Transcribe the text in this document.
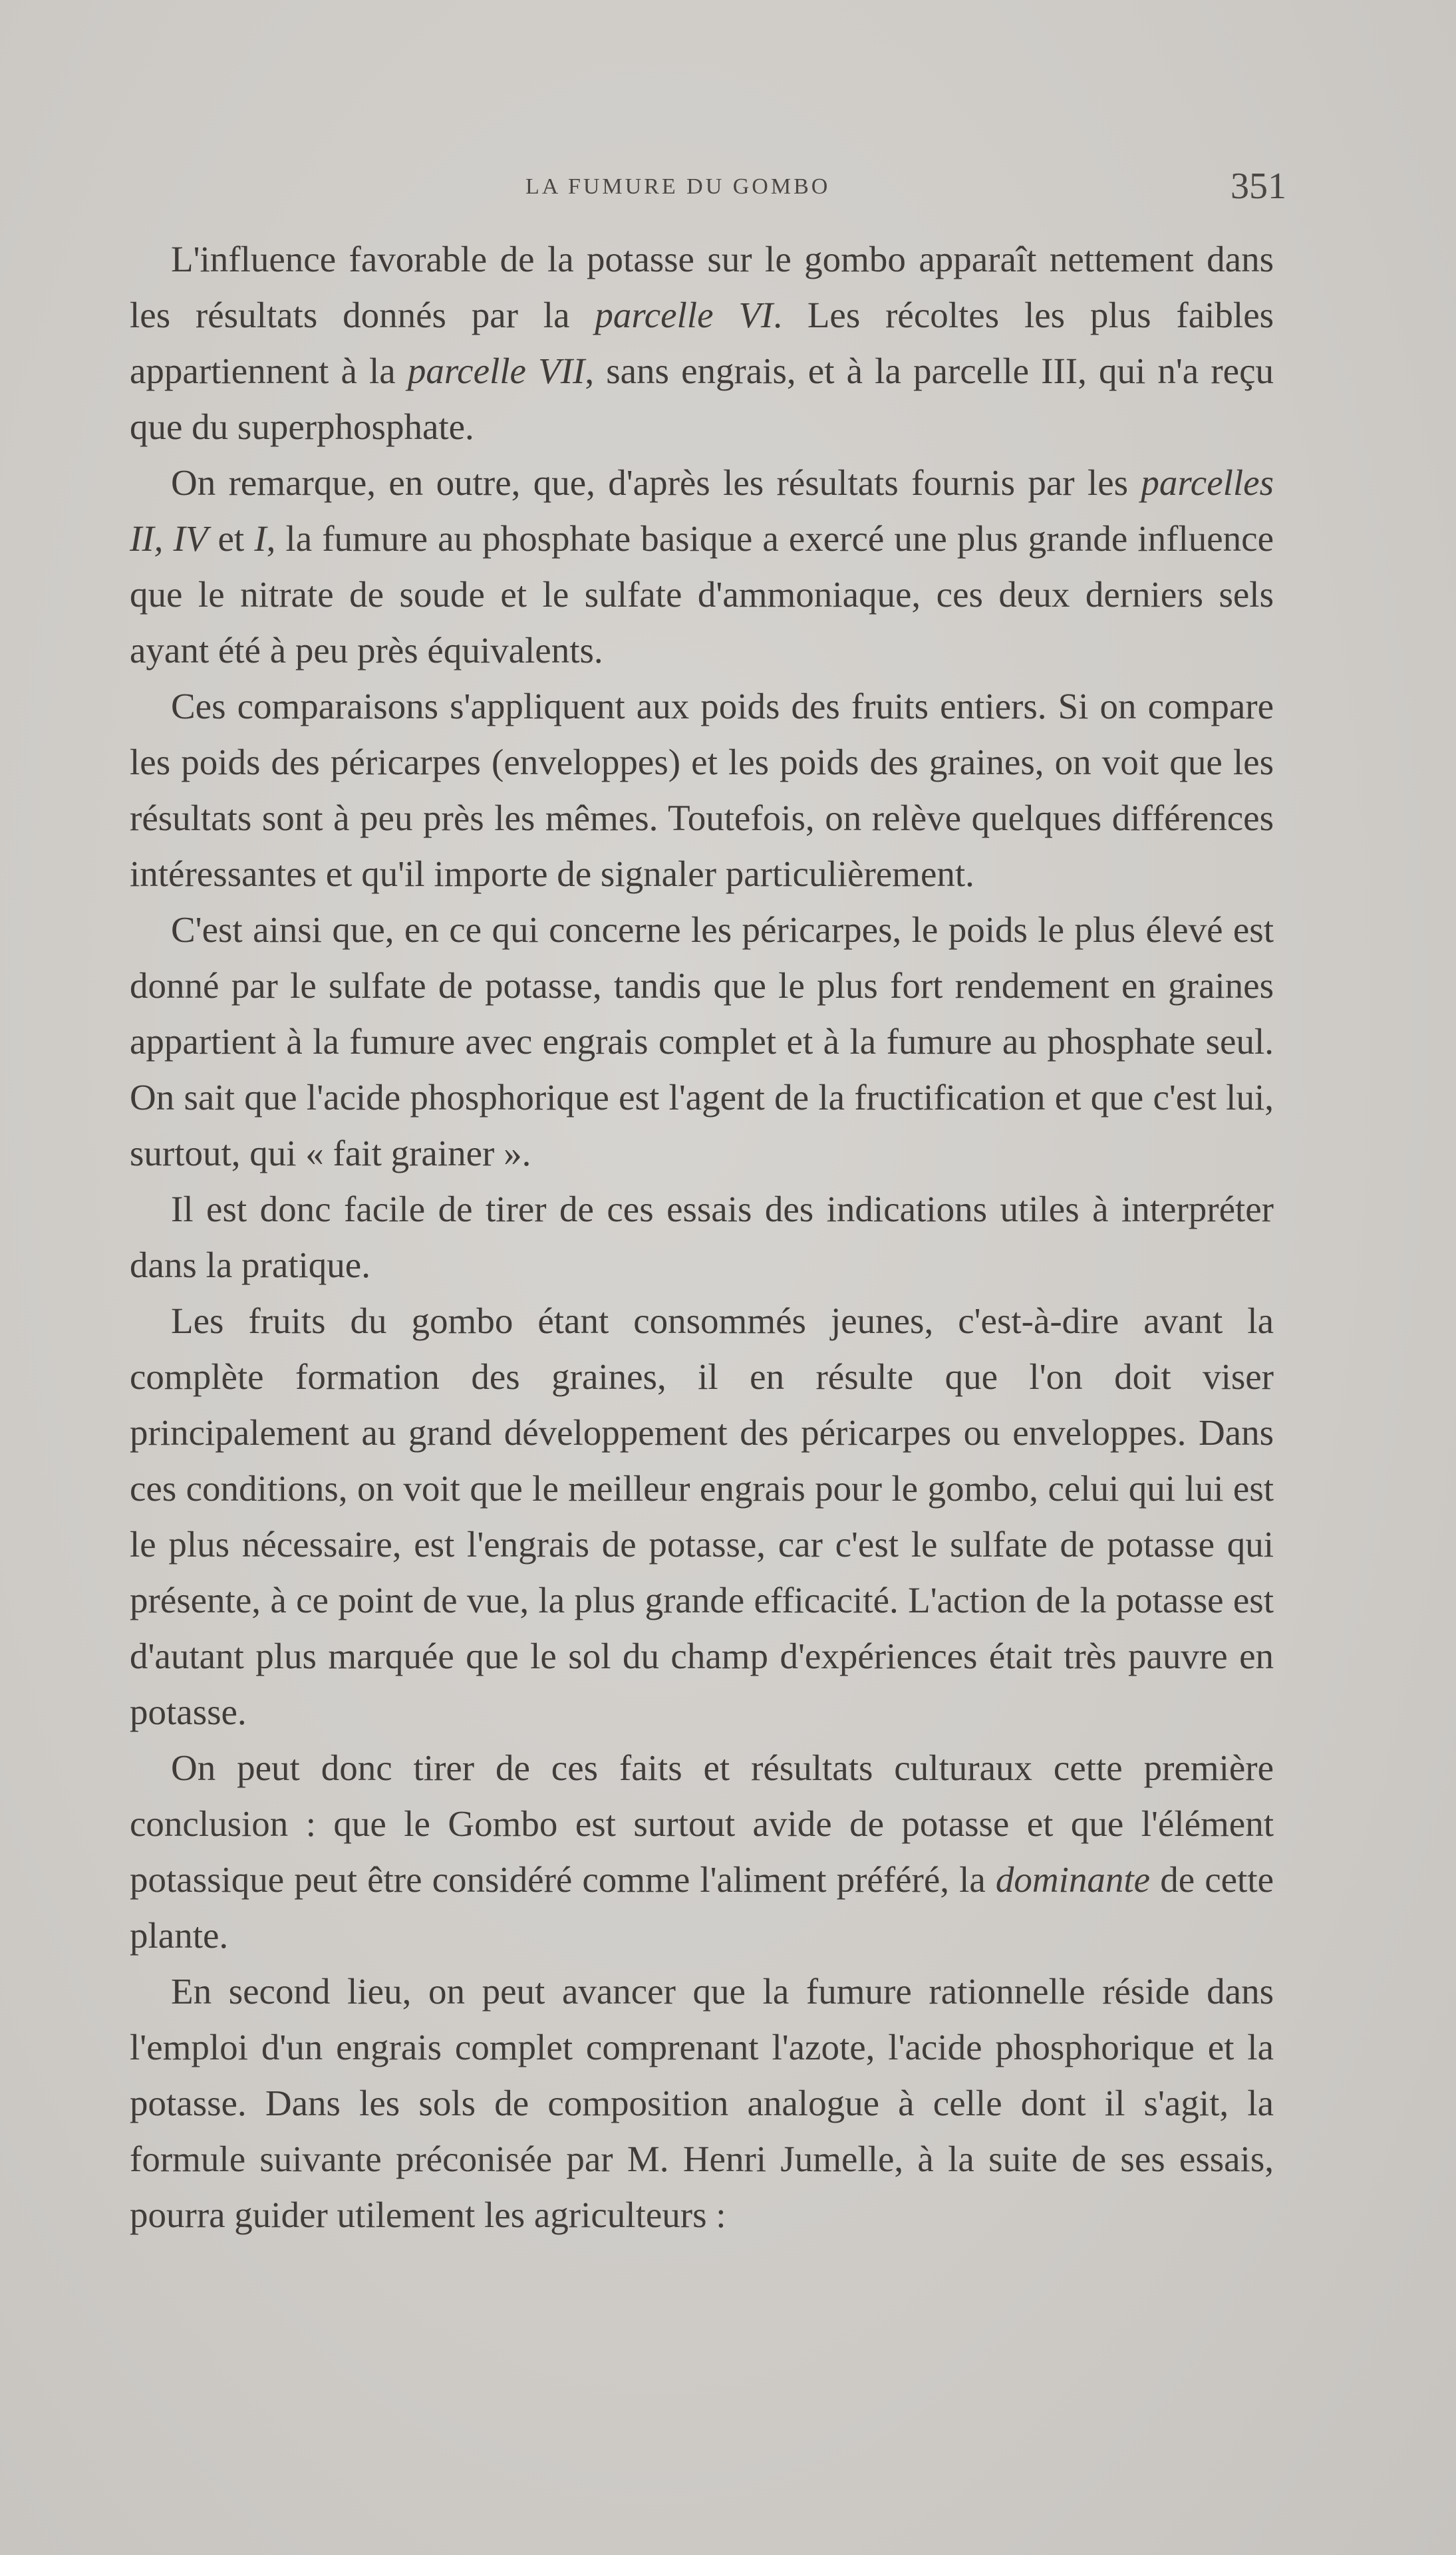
LA FUMURE DU GOMBO	351

L'influence favorable de la potasse sur le gombo apparaît nettement dans les résultats donnés par la parcelle VI. Les récoltes les plus faibles appartiennent à la parcelle VII, sans engrais, et à la parcelle III, qui n'a reçu que du superphosphate.

On remarque, en outre, que, d'après les résultats fournis par les parcelles II, IV et I, la fumure au phosphate basique a exercé une plus grande influence que le nitrate de soude et le sulfate d'ammoniaque, ces deux derniers sels ayant été à peu près équivalents.

Ces comparaisons s'appliquent aux poids des fruits entiers. Si on compare les poids des péricarpes (enveloppes) et les poids des graines, on voit que les résultats sont à peu près les mêmes. Toutefois, on relève quelques différences intéressantes et qu'il importe de signaler particulièrement.

C'est ainsi que, en ce qui concerne les péricarpes, le poids le plus élevé est donné par le sulfate de potasse, tandis que le plus fort rendement en graines appartient à la fumure avec engrais complet et à la fumure au phosphate seul. On sait que l'acide phosphorique est l'agent de la fructification et que c'est lui, surtout, qui « fait grainer ».

Il est donc facile de tirer de ces essais des indications utiles à interpréter dans la pratique.

Les fruits du gombo étant consommés jeunes, c'est-à-dire avant la complète formation des graines, il en résulte que l'on doit viser principalement au grand développement des péricarpes ou enveloppes. Dans ces conditions, on voit que le meilleur engrais pour le gombo, celui qui lui est le plus nécessaire, est l'engrais de potasse, car c'est le sulfate de potasse qui présente, à ce point de vue, la plus grande efficacité. L'action de la potasse est d'autant plus marquée que le sol du champ d'expériences était très pauvre en potasse.

On peut donc tirer de ces faits et résultats culturaux cette première conclusion : que le Gombo est surtout avide de potasse et que l'élément potassique peut être considéré comme l'aliment préféré, la dominante de cette plante.

En second lieu, on peut avancer que la fumure rationnelle réside dans l'emploi d'un engrais complet comprenant l'azote, l'acide phosphorique et la potasse. Dans les sols de composition analogue à celle dont il s'agit, la formule suivante préconisée par M. Henri Jumelle, à la suite de ses essais, pourra guider utilement les agriculteurs :
